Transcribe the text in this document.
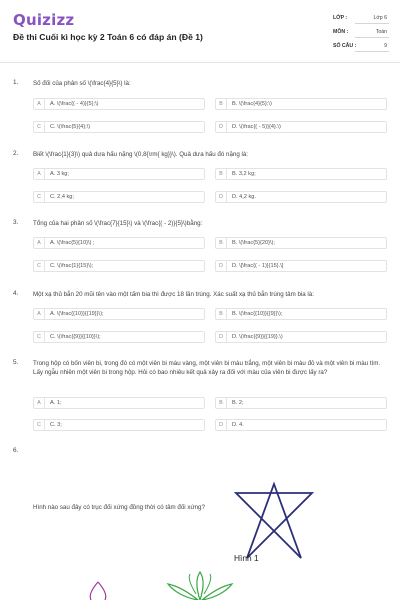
Quizizz
Đề thi Cuối kì học kỳ 2 Toán 6 có đáp án (Đề 1)
LỚP :	Lớp 6
MÔN :	Toán
SỐ CÂU :	9
1. Số đối của phân số \(\frac{4}{5}\) là:
A	A. \(\frac{( - 4)}{5};\)	B	B. \(\frac{4}{5};\)
C	C. \(\frac{5}{4};\)	D	D. \(\frac{( - 5)}{4}.\)
2. Biết \(\frac{1}{3}\) quả dưa hấu nặng \(0,8{\rm{ kg}}\). Quả dưa hấu đó nặng là:
A	A. 3 kg;	B	B. 3,2 kg;
C	C. 2,4 kg;	D	D. 4,2 kg.
3. Tổng của hai phân số \(\frac{7}{15}\) và \(\frac{( - 2)}{5}\)bằng:
A	A. \(\frac{5}{10}\) ;	B	B. \(\frac{5}{20}\);
C	C. \(\frac{1}{15}\);	D	D. \[\frac{( - 1)}{15}.\]
4. Một xạ thủ bắn 20 mũi tên vào một tấm bia thì được 18 lần trúng. Xác suất xạ thủ bắn trúng tâm bia là:
A	A. \(\frac{{10}}{{19}}\);	B	B. \(\frac{{10}}{{9}}\);
C	C. \(\frac{{9}}{{10}}\);	D	D. \(\frac{{9}}{{19}}.\)
5. Trong hộp có bốn viên bi, trong đó có một viên bi màu vàng, một viên bi màu trắng, một viên bi màu đỏ và một viên bi màu tím. Lấy ngẫu nhiên một viên bi trong hộp. Hỏi có bao nhiêu kết quả xảy ra đối với màu của viên bi được lấy ra?
A	A. 1;	B	B. 2;
C	C. 3;	D	D. 4.
6.
Hình nào sau đây có trục đối xứng đồng thời có tâm đối xứng?
Hình 1
